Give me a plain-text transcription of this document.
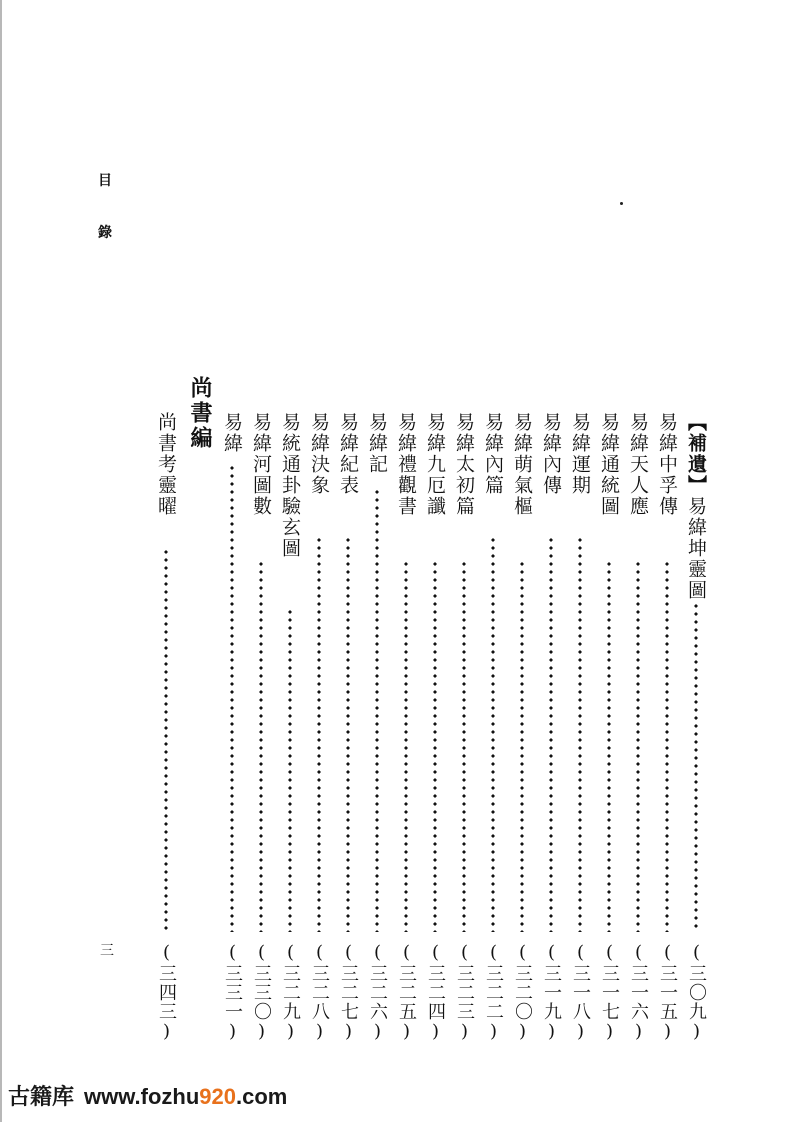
目
錄
三
尚書編	【補遺】易緯坤靈圖
(三〇九)
易緯中孚傳
(三一五)
易緯天人應
(三一六)
易緯通統圖
(三一七)
易緯運期
(三一八)
易緯內傳
(三一九)
易緯萌氣樞
(三二〇)
易緯內篇
(三二二)
易緯太初篇
(三二三)
易緯九厄讖
(三二四)
易緯禮觀書
(三二五)
易緯記
(三二六)
易緯紀表
(三二七)
易緯決象
(三二八)
易統通卦驗玄圖
(三二九)
易緯河圖數
(三三〇)
易緯
(三三一)
尚書考靈曜
(三四三)
古籍库 www.fozhu920.com
